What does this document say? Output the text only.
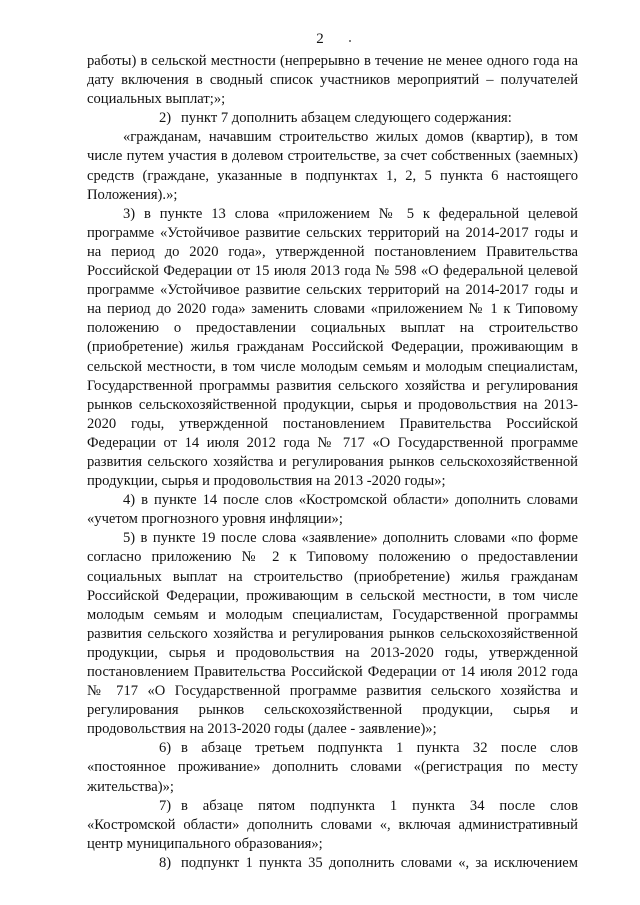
2

работы) в сельской местности (непрерывно в течение не менее одного года на дату включения в сводный список участников мероприятий – получателей социальных выплат;»;

2) пункт 7 дополнить абзацем следующего содержания:

«гражданам, начавшим строительство жилых домов (квартир), в том числе путем участия в долевом строительстве, за счет собственных (заемных) средств (граждане, указанные в подпунктах 1, 2, 5 пункта 6 настоящего Положения).»;

3) в пункте 13 слова «приложением № 5 к федеральной целевой программе «Устойчивое развитие сельских территорий на 2014-2017 годы и на период до 2020 года», утвержденной постановлением Правительства Российской Федерации от 15 июля 2013 года № 598 «О федеральной целевой программе «Устойчивое развитие сельских территорий на 2014-2017 годы и на период до 2020 года» заменить словами «приложением № 1 к Типовому положению о предоставлении социальных выплат на строительство (приобретение) жилья гражданам Российской Федерации, проживающим в сельской местности, в том числе молодым семьям и молодым специалистам, Государственной программы развития сельского хозяйства и регулирования рынков сельскохозяйственной продукции, сырья и продовольствия на 2013-2020 годы, утвержденной постановлением Правительства Российской Федерации от 14 июля 2012 года № 717 «О Государственной программе развития сельского хозяйства и регулирования рынков сельскохозяйственной продукции, сырья и продовольствия на 2013 -2020 годы»;

4) в пункте 14 после слов «Костромской области» дополнить словами «учетом прогнозного уровня инфляции»;

5) в пункте 19 после слова «заявление» дополнить словами «по форме согласно приложению № 2 к Типовому положению о предоставлении социальных выплат на строительство (приобретение) жилья гражданам Российской Федерации, проживающим в сельской местности, в том числе молодым семьям и молодым специалистам, Государственной программы развития сельского хозяйства и регулирования рынков сельскохозяйственной продукции, сырья и продовольствия на 2013-2020 годы, утвержденной постановлением Правительства Российской Федерации от 14 июля 2012 года № 717 «О Государственной программе развития сельского хозяйства и регулирования рынков сельскохозяйственной продукции, сырья и продовольствия на 2013-2020 годы (далее - заявление)»;

6) в абзаце третьем подпункта 1 пункта 32 после слов «постоянное проживание» дополнить словами «(регистрация по месту жительства)»;

7) в абзаце пятом подпункта 1 пункта 34 после слов «Костромской области» дополнить словами «, включая административный центр муниципального образования»;

8) подпункт 1 пункта 35 дополнить словами «, за исключением
